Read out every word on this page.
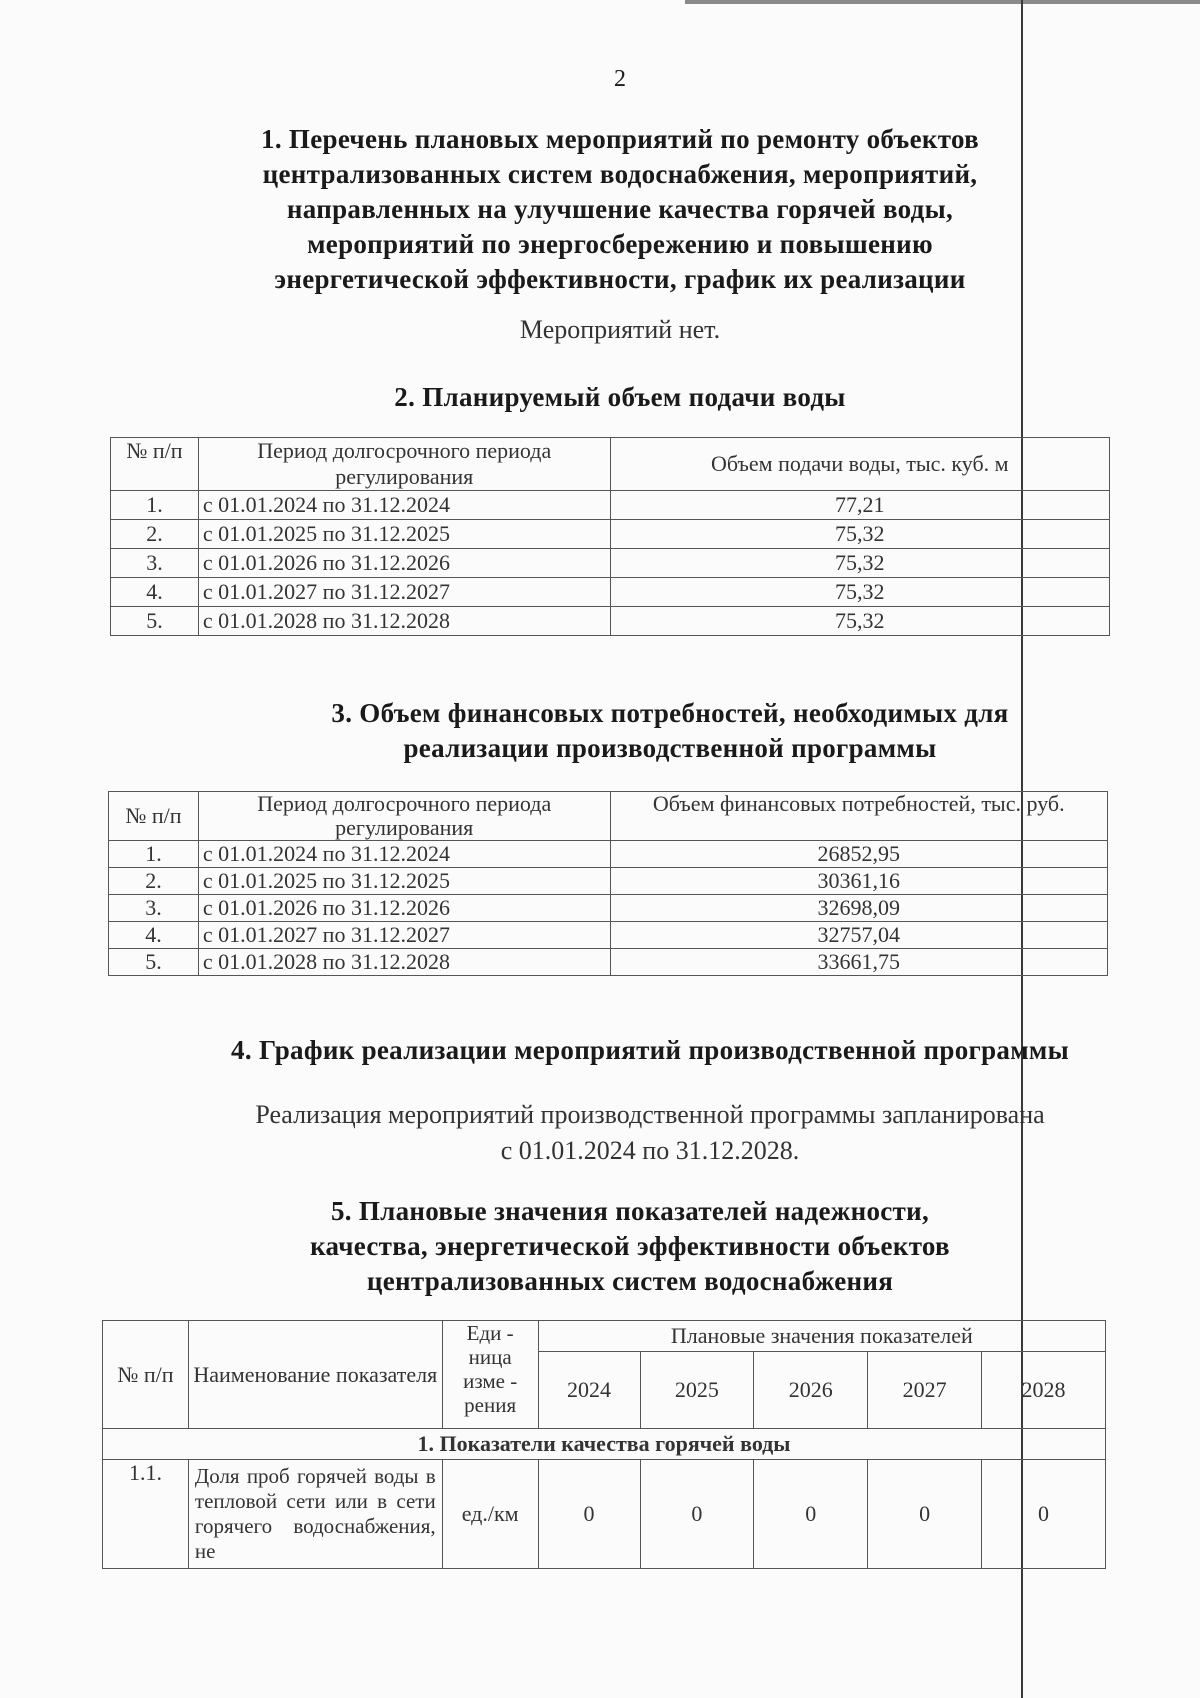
2
1. Перечень плановых мероприятий по ремонту объектов
централизованных систем водоснабжения, мероприятий,
направленных на улучшение качества горячей воды,
мероприятий по энергосбережению и повышению
энергетической эффективности, график их реализации
Мероприятий нет.
2. Планируемый объем подачи воды
№ п/п	Период долгосрочного периода регулирования	Объем подачи воды, тыс. куб. м
1.	с 01.01.2024 по 31.12.2024	77,21
2.	с 01.01.2025 по 31.12.2025	75,32
3.	с 01.01.2026 по 31.12.2026	75,32
4.	с 01.01.2027 по 31.12.2027	75,32
5.	с 01.01.2028 по 31.12.2028	75,32
3. Объем финансовых потребностей, необходимых для
реализации производственной программы
№ п/п	Период долгосрочного периода регулирования	Объем финансовых потребностей, тыс. руб.
1.	с 01.01.2024 по 31.12.2024	26852,95
2.	с 01.01.2025 по 31.12.2025	30361,16
3.	с 01.01.2026 по 31.12.2026	32698,09
4.	с 01.01.2027 по 31.12.2027	32757,04
5.	с 01.01.2028 по 31.12.2028	33661,75
4. График реализации мероприятий производственной программы
Реализация мероприятий производственной программы запланирована
с 01.01.2024 по 31.12.2028.
5. Плановые значения показателей надежности,
качества, энергетической эффективности объектов
централизованных систем водоснабжения
№ п/п	Наименование показателя	Еди - ница изме - рения	Плановые значения показателей				
			2024	2025	2026	2027	2028
1. Показатели качества горячей воды							
1.1.	Доля проб горячей воды в тепловой сети или в сети горячего водоснабжения, не	ед./км	0	0	0	0	0
